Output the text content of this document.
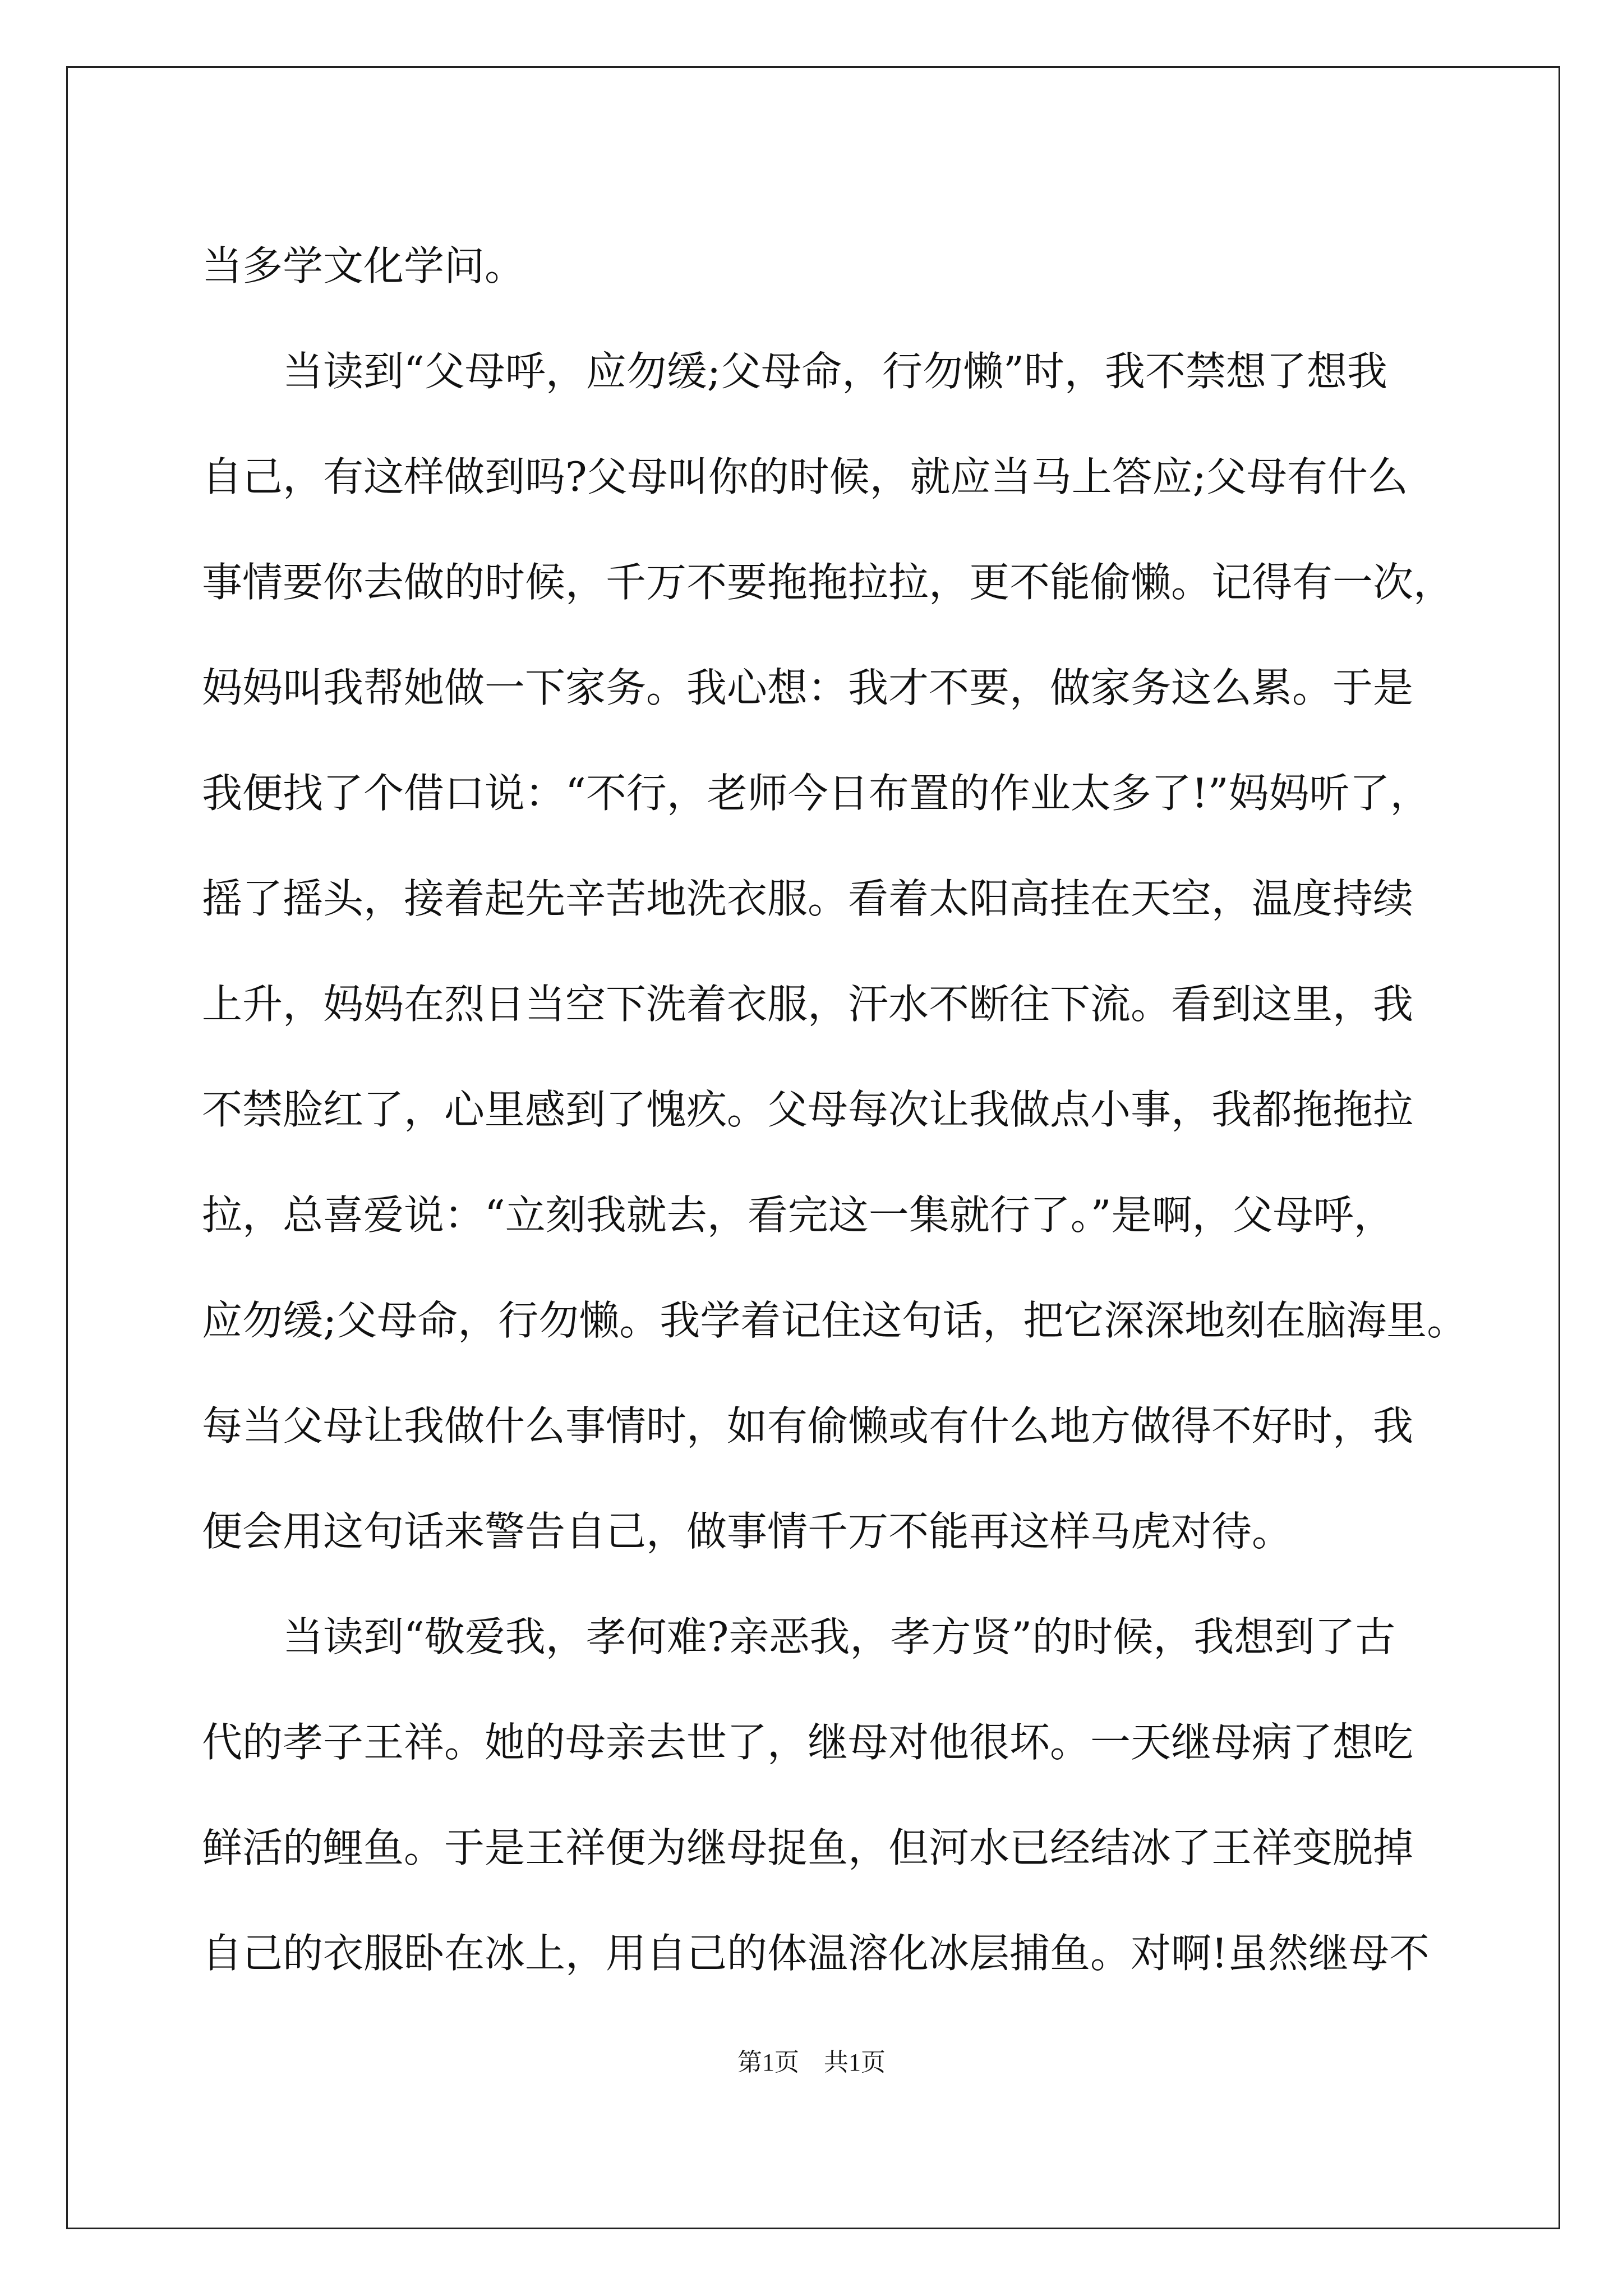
当多学文化学问。
当读到“父母呼，应勿缓;父母命，行勿懒”时，我不禁想了想我
自己，有这样做到吗?父母叫你的时候，就应当马上答应;父母有什么
事情要你去做的时候，千万不要拖拖拉拉，更不能偷懒。记得有一次，
妈妈叫我帮她做一下家务。我心想：我才不要，做家务这么累。于是
我便找了个借口说：“不行，老师今日布置的作业太多了!”妈妈听了，
摇了摇头，接着起先辛苦地洗衣服。看着太阳高挂在天空，温度持续
上升，妈妈在烈日当空下洗着衣服，汗水不断往下流。看到这里，我
不禁脸红了，心里感到了愧疚。父母每次让我做点小事，我都拖拖拉
拉，总喜爱说：“立刻我就去，看完这一集就行了。”是啊，父母呼，
应勿缓;父母命，行勿懒。我学着记住这句话，把它深深地刻在脑海里。
每当父母让我做什么事情时，如有偷懒或有什么地方做得不好时，我
便会用这句话来警告自己，做事情千万不能再这样马虎对待。
当读到“敬爱我，孝何难?亲恶我，孝方贤”的时候，我想到了古
代的孝子王祥。她的母亲去世了，继母对他很坏。一天继母病了想吃
鲜活的鲤鱼。于是王祥便为继母捉鱼，但河水已经结冰了王祥变脱掉
自己的衣服卧在冰上，用自己的体温溶化冰层捕鱼。对啊!虽然继母不
第1页　共1页
